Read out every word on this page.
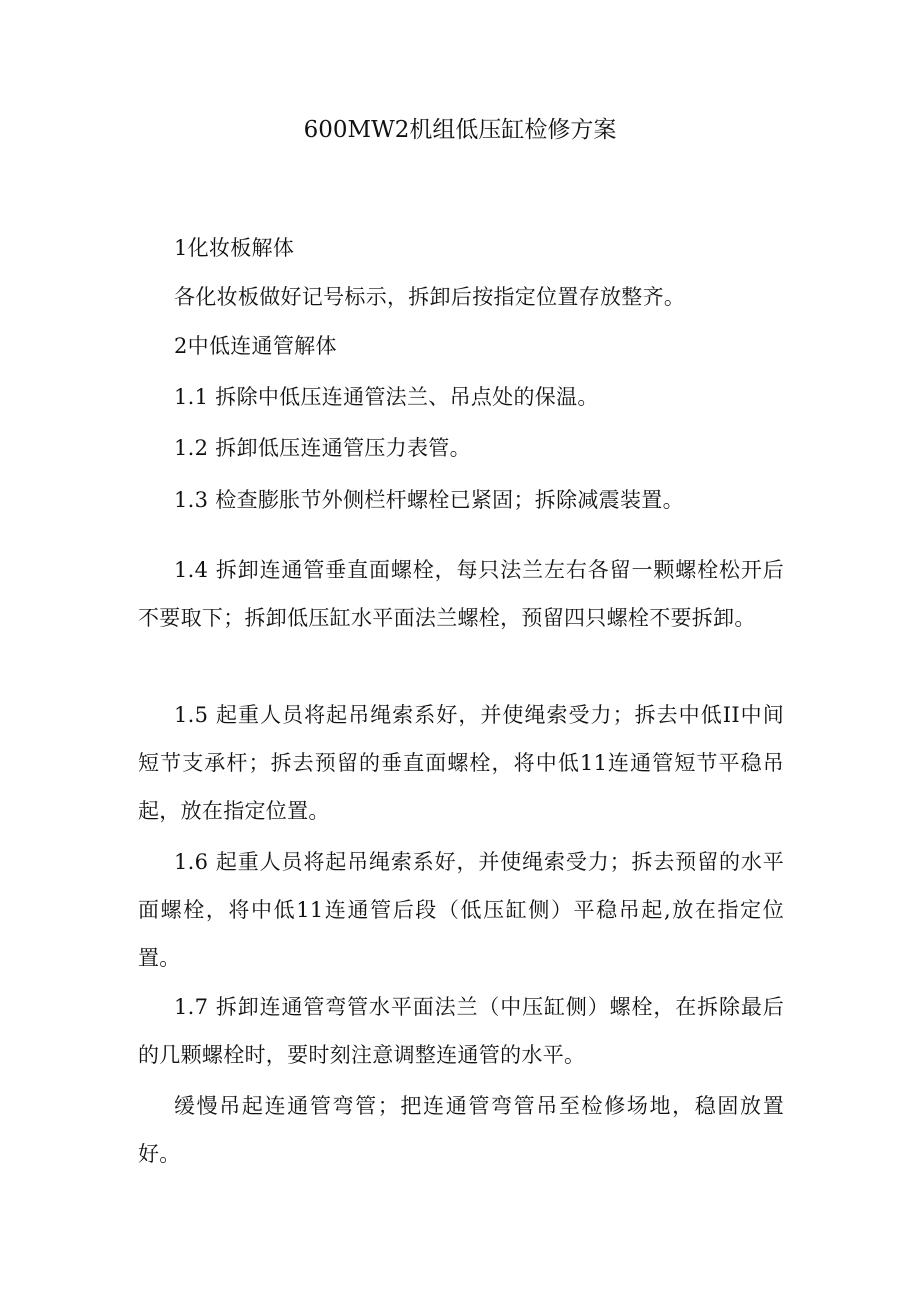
600MW2机组低压缸检修方案

1化妆板解体

各化妆板做好记号标示，拆卸后按指定位置存放整齐。

2中低连通管解体

1.1 拆除中低压连通管法兰、吊点处的保温。

1.2 拆卸低压连通管压力表管。

1.3 检查膨胀节外侧栏杆螺栓已紧固；拆除减震装置。

1.4 拆卸连通管垂直面螺栓，每只法兰左右各留一颗螺栓松开后不要取下；拆卸低压缸水平面法兰螺栓，预留四只螺栓不要拆卸。

1.5 起重人员将起吊绳索系好，并使绳索受力；拆去中低II中间短节支承杆；拆去预留的垂直面螺栓，将中低11连通管短节平稳吊起，放在指定位置。

1.6 起重人员将起吊绳索系好，并使绳索受力；拆去预留的水平面螺栓，将中低11连通管后段（低压缸侧）平稳吊起,放在指定位置。

1.7 拆卸连通管弯管水平面法兰（中压缸侧）螺栓，在拆除最后的几颗螺栓时，要时刻注意调整连通管的水平。

缓慢吊起连通管弯管；把连通管弯管吊至检修场地，稳固放置好。
